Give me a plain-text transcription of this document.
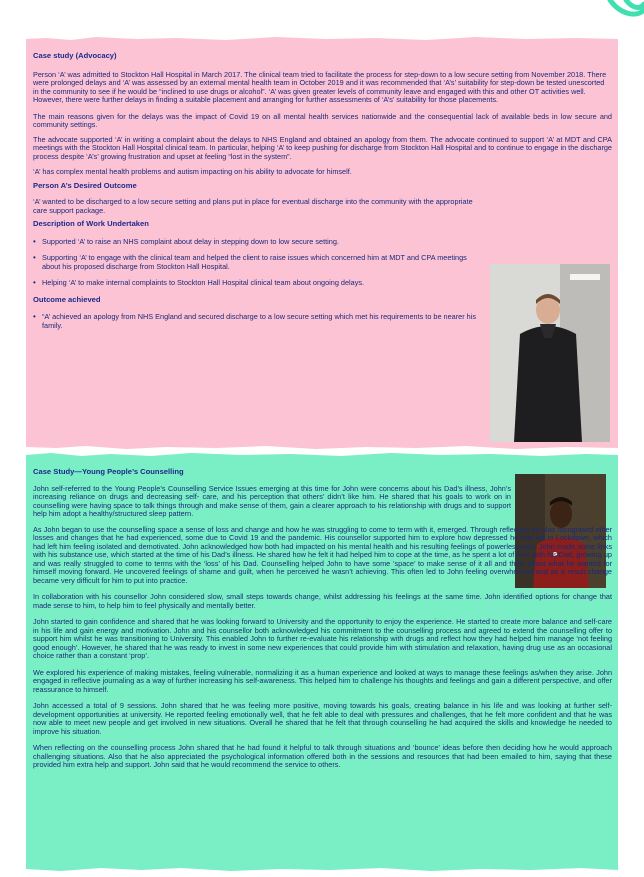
Case study (Advocacy)

Person ‘A’ was admitted to Stockton Hall Hospital in March 2017. The clinical team tried to facilitate the process for step-down to a low secure setting from November 2018. There were prolonged delays and ‘A’ was assessed by an external mental health team in October 2019 and it was recommended that ‘A’s’ suitability for step-down be tested unescorted in the community to see if he would be “inclined to use drugs or alcohol”. ‘A’ was given greater levels of community leave and engaged with this and other OT activities well. However, there were further delays in finding a suitable placement and arranging for further assessments of ‘A’s’ suitability for those placements.

The main reasons given for the delays was the impact of Covid 19 on all mental health services nationwide and the consequential lack of available beds in low secure and community settings.

The advocate supported ‘A’ in writing a complaint about the delays to NHS England and obtained an apology from them. The advocate continued to support ‘A’ at MDT and CPA meetings with the Stockton Hall Hospital clinical team. In particular, helping ‘A’ to keep pushing for discharge from Stockton Hall Hospital and to continue to engage in the discharge process despite ‘A’s’ growing frustration and upset at feeling “lost in the system”.

‘A’ has complex mental health problems and autism impacting on his ability to advocate for himself.

Person A’s Desired Outcome

‘A’ wanted to be discharged to a low secure setting and plans put in place for eventual discharge into the community with the appropriate care support package.

Description of Work Undertaken
• Supported ‘A’ to raise an NHS complaint about delay in stepping down to low secure setting.
• Supporting ‘A’ to engage with the clinical team and helped the client to raise issues which concerned him at MDT and CPA meetings about his proposed discharge from Stockton Hall Hospital.
• Helping ‘A’ to make internal complaints to Stockton Hall Hospital clinical team about ongoing delays.
Outcome achieved
• “A’ achieved an apology from NHS England and secured discharge to a low secure setting which met his requirements to be nearer his family.
Case Study—Young People’s Counselling

John self-referred to the Young People’s Counselling Service Issues emerging at this time for John were concerns about his Dad’s illness, John’s increasing reliance on drugs and decreasing self- care, and his perception that others’ didn’t like him. He shared that his goals to work on in counselling were having space to talk things through and make sense of them, gain a clearer approach to his relationship with drugs and to support help him adopt a healthy/structured sleep pattern.

As John began to use the counselling space a sense of loss and change and how he was struggling to come to term with it, emerged. Through reflection he also recognised other losses and changes that he had experienced, some due to Covid 19 and the pandemic. His counsellor supported him to explore how depressed he had felt in Lockdown, which had left him feeling isolated and demotivated. John acknowledged how both had impacted on his mental health and his resulting feelings of powerlessness. John made some links with his substance use, which started at the time of his Dad’s illness. He shared how he felt it had helped him to cope at the time, as he spent a lot of time with his Dad, growing up and was really struggled to come to terms with the ‘loss’ of his Dad. Counselling helped John to have some ‘space’ to make sense of it all and think about what he wanted for himself moving forward. He uncovered feelings of shame and guilt, when he perceived he wasn’t achieving. This often led to John feeling overwhelmed and as a result change became very difficult for him to put into practice.

In collaboration with his counsellor John considered slow, small steps towards change, whilst addressing his feelings at the same time. John identified options for change that made sense to him, to help him to feel physically and mentally better.

John started to gain confidence and shared that he was looking forward to University and the opportunity to enjoy the experience. He started to create more balance and self-care in his life and gain energy and motivation. John and his counsellor both acknowledged his commitment to the counselling process and agreed to extend the counselling offer to support him whilst he was transitioning to University. This enabled John to further re-evaluate his relationship with drugs and reflect how they had helped him manage ‘not feeling good enough’. However, he shared that he was ready to invest in some new experiences that could provide him with stimulation and relaxation, having drug use as an occasional choice rather than a constant ‘prop’.

We explored his experience of making mistakes, feeling vulnerable, normalizing it as a human experience and looked at ways to manage these feelings as/when they arise. John engaged in reflective journaling as a way of further increasing his self-awareness. This helped him to challenge his thoughts and feelings and gain a different perspective, and offer reassurance to himself.

John accessed a total of 9 sessions. John shared that he was feeling more positive, moving towards his goals, creating balance in his life and was looking at further self-development opportunities at university. He reported feeling emotionally well, that he felt able to deal with pressures and challenges, that he felt more confident and that he was now able to meet new people and get involved in new situations. Overall he shared that he felt that through counselling he had acquired the skills and knowledge he needed to improve his situation.

When reflecting on the counselling process John shared that he had found it helpful to talk through situations and ‘bounce’ ideas before then deciding how he would approach challenging situations. Also that he also appreciated the psychological information offered both in the sessions and resources that had been emailed to him, saying that these provided him extra help and support. John said that he would recommend the service to others.
